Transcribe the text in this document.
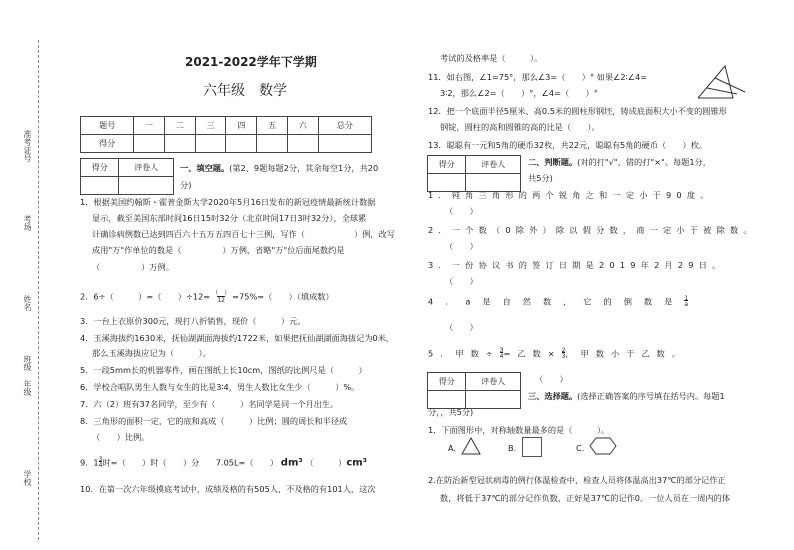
准考证号
考场
姓名
班级
年级
学校
2021-2022学年下学期
六年级　数学
题号	一	二	三	四	五	六	总分
得分							
得分	评卷人
		一、填空题。(第2、9题每题2分，其余每空1分，共20
分)
1．根据美国约翰斯・霍普金斯大学2020年5月16日发布的新冠疫情最新统计数据
显示，截至美国东部时间16日15时32分（北京时间17日3时32分），全球累
计确诊病例数已达到四百六十五万五四百七十三例，写作（　　　　　　）例，改写
成用"万"作单位的数是（　　　　　）万例，省略"万"位后面尾数约是
（　　　　　）万例。
2．6÷（　　　）=（　　）÷12= （　）
12 =75%=（　　）（填成数）
3．一台上衣原价300元，现打八折销售，现价（　　　）元。
4．玉溪海拔约1630米，抚仙湖湖面海拔约1722米，如果把抚仙湖湖面海拔记为0米，
那么玉溪海拔应记为（　　　）。
5．一段5mm长的机器零件，画在图纸上长10cm，图纸的比例尺是（　　　）
6．学校合唱队男生人数与女生的比是3∶4，男生人数比女生少（　　　）%。
7．六（2）班有37名同学，至少有（　　　）名同学是同一个月出生。
8．三角形的面积一定，它的底和高成（　　　）比例；圆的周长和半径成
（　　）比例。
9．13
4时=（　　）时（　　）分　　 7.05L=（　　） dm³ （　　　）cm³
10．在第一次六年级摸底考试中，成绩及格的有505人，不及格的有101人，这次
考试的及格率是（　　　）。
11．如右图，∠1=75°，那么∠3=（　　）° 如果∠2∶∠4=
3∶2，那么∠2=（　　）°，∠4=（　　）°
12．把一个底面半径5厘米、高0.5米的圆柱形钢坯，铸成底面积大小不变的圆锥形
钢锭，圆柱的高和圆锥的高的比是（　　）。
13．聪聪有一元和5角的硬币32枚，共22元，聪聪有5角的硬币（　　）枚。
得分	评卷人
		二、判断题。(对的打"√"，错的打"×"。每题1分，
共5分)
1．钝角三角形的两个锐角之和一定小于90度。
（　　）
2．一个数（0除外）除以假分数，商一定小于被除数。
（　　）
3．一份协议书的签订日期是2019年2月29日。
（　　）
4．a是自然数，它的倒数是1
a
（　　）
5．甲数÷3
4=乙数×2
3，甲数小于乙数。
得分	评卷人
		（　　）
三、选择题。(选择正确答案的序号填在括号内。每题1
分，，共5分)
1．下面图形中，对称轴数量最多的是（　　　）。
A.	B.	C.
2.在防治新型冠状病毒的例行体温检查中，检查人员将体温高出37℃的部分记作正
数，将低于37℃的部分记作负数，正好是37℃的记作0。一位人员在一周内的体
